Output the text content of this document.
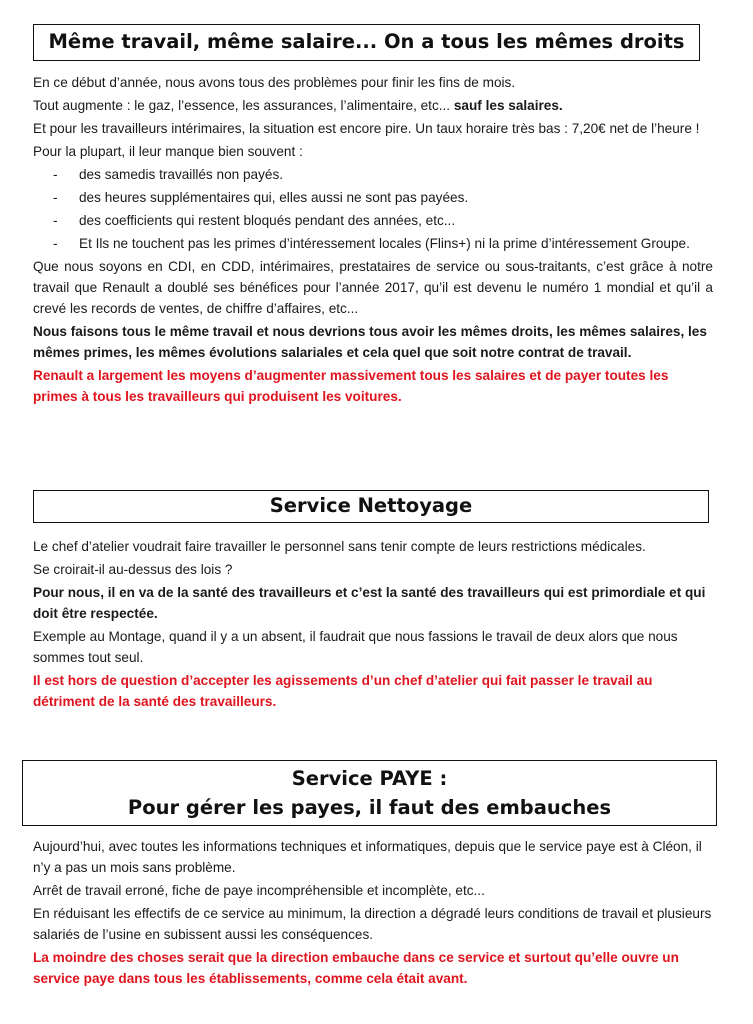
Même travail, même salaire... On a tous les mêmes droits

En ce début d’année, nous avons tous des problèmes pour finir les fins de mois.

Tout augmente : le gaz, l’essence, les assurances, l’alimentaire, etc... sauf les salaires.

Et pour les travailleurs intérimaires, la situation est encore pire. Un taux horaire très bas : 7,20€ net de l’heure !

Pour la plupart, il leur manque bien souvent :

- des samedis travaillés non payés.
- des heures supplémentaires qui, elles aussi ne sont pas payées.
- des coefficients qui restent bloqués pendant des années, etc...
- Et Ils ne touchent pas les primes d’intéressement locales (Flins+) ni la prime d’intéressement Groupe.

Que nous soyons en CDI, en CDD, intérimaires, prestataires de service ou sous-traitants, c’est grâce à notre travail que Renault a doublé ses bénéfices pour l’année 2017, qu’il est devenu le numéro 1 mondial et qu’il a crevé les records de ventes, de chiffre d’affaires, etc...

Nous faisons tous le même travail et nous devrions tous avoir les mêmes droits, les mêmes salaires, les mêmes primes, les mêmes évolutions salariales et cela quel que soit notre contrat de travail.

Renault a largement les moyens d’augmenter massivement tous les salaires et de payer toutes les primes à tous les travailleurs qui produisent les voitures.

Service Nettoyage

Le chef d’atelier voudrait faire travailler le personnel sans tenir compte de leurs restrictions médicales.

Se croirait-il au-dessus des lois ?

Pour nous, il en va de la santé des travailleurs et c’est la santé des travailleurs qui est primordiale et qui doit être respectée.

Exemple au Montage, quand il y a un absent, il faudrait que nous fassions le travail de deux alors que nous sommes tout seul.

Il est hors de question d’accepter les agissements d’un chef d’atelier qui fait passer le travail au détriment de la santé des travailleurs.

Service PAYE :
Pour gérer les payes, il faut des embauches

Aujourd’hui, avec toutes les informations techniques et informatiques, depuis que le service paye est à Cléon, il n’y a pas un mois sans problème.

Arrêt de travail erroné, fiche de paye incompréhensible et incomplète, etc...

En réduisant les effectifs de ce service au minimum, la direction a dégradé leurs conditions de travail et plusieurs salariés de l’usine en subissent aussi les conséquences.

La moindre des choses serait que la direction embauche dans ce service et surtout qu’elle ouvre un service paye dans tous les établissements, comme cela était avant.
